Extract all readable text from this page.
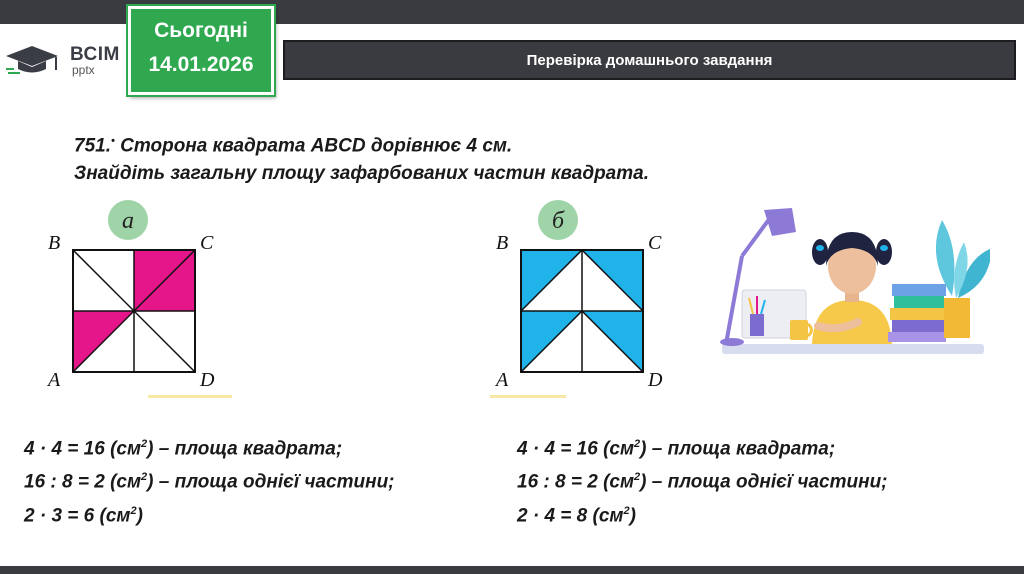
ВСІМ
pptx
Сьогодні
14.01.2026	Перевірка домашнього завдання
751.• Сторона квадрата ABCD дорівнює 4 см.
Знайдіть загальну площу зафарбованих частин квадрата.
а
B	C
A	D
б
B	C
A	D
4 · 4 = 16 $(см^2)$ – площа квадрата;
16 : 8 = 2 $(см^2)$ – площа однієї частини;
2 · 3 = 6 $(см^2)$
4 · 4 = 16 $(см^2)$ – площа квадрата;
16 : 8 = 2 $(см^2)$ – площа однієї частини;
2 · 4 = 8 $(см^2)$
